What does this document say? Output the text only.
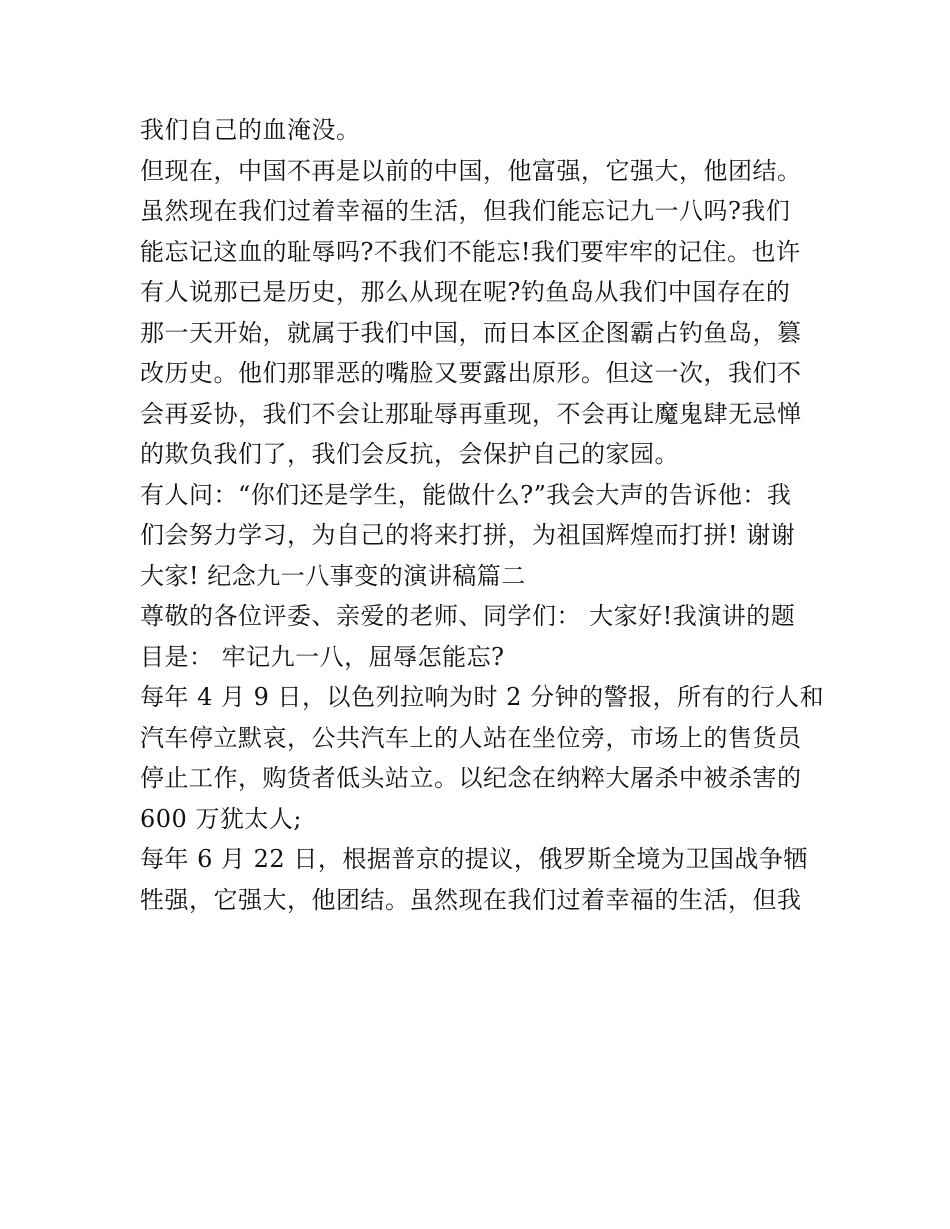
我们自己的血淹没。

但现在，中国不再是以前的中国，他富强，它强大，他团结。

虽然现在我们过着幸福的生活，但我们能忘记九一八吗?我们
能忘记这血的耻辱吗?不我们不能忘!我们要牢牢的记住。也许
有人说那已是历史，那么从现在呢?钓鱼岛从我们中国存在的
那一天开始，就属于我们中国，而日本区企图霸占钓鱼岛，篡
改历史。他们那罪恶的嘴脸又要露出原形。但这一次，我们不
会再妥协，我们不会让那耻辱再重现，不会再让魔鬼肆无忌惮
的欺负我们了，我们会反抗，会保护自己的家园。

有人问：“你们还是学生，能做什么?”我会大声的告诉他：我
们会努力学习，为自己的将来打拼，为祖国辉煌而打拼! 谢谢
大家! 纪念九一八事变的演讲稿篇二

尊敬的各位评委、亲爱的老师、同学们： 大家好!我演讲的题
目是： 牢记九一八，屈辱怎能忘?

每年 4 月 9 日，以色列拉响为时 2 分钟的警报，所有的行人和
汽车停立默哀，公共汽车上的人站在坐位旁，市场上的售货员
停止工作，购货者低头站立。以纪念在纳粹大屠杀中被杀害的
600 万犹太人;

每年 6 月 22 日，根据普京的提议，俄罗斯全境为卫国战争牺
牲强，它强大，他团结。虽然现在我们过着幸福的生活，但我
